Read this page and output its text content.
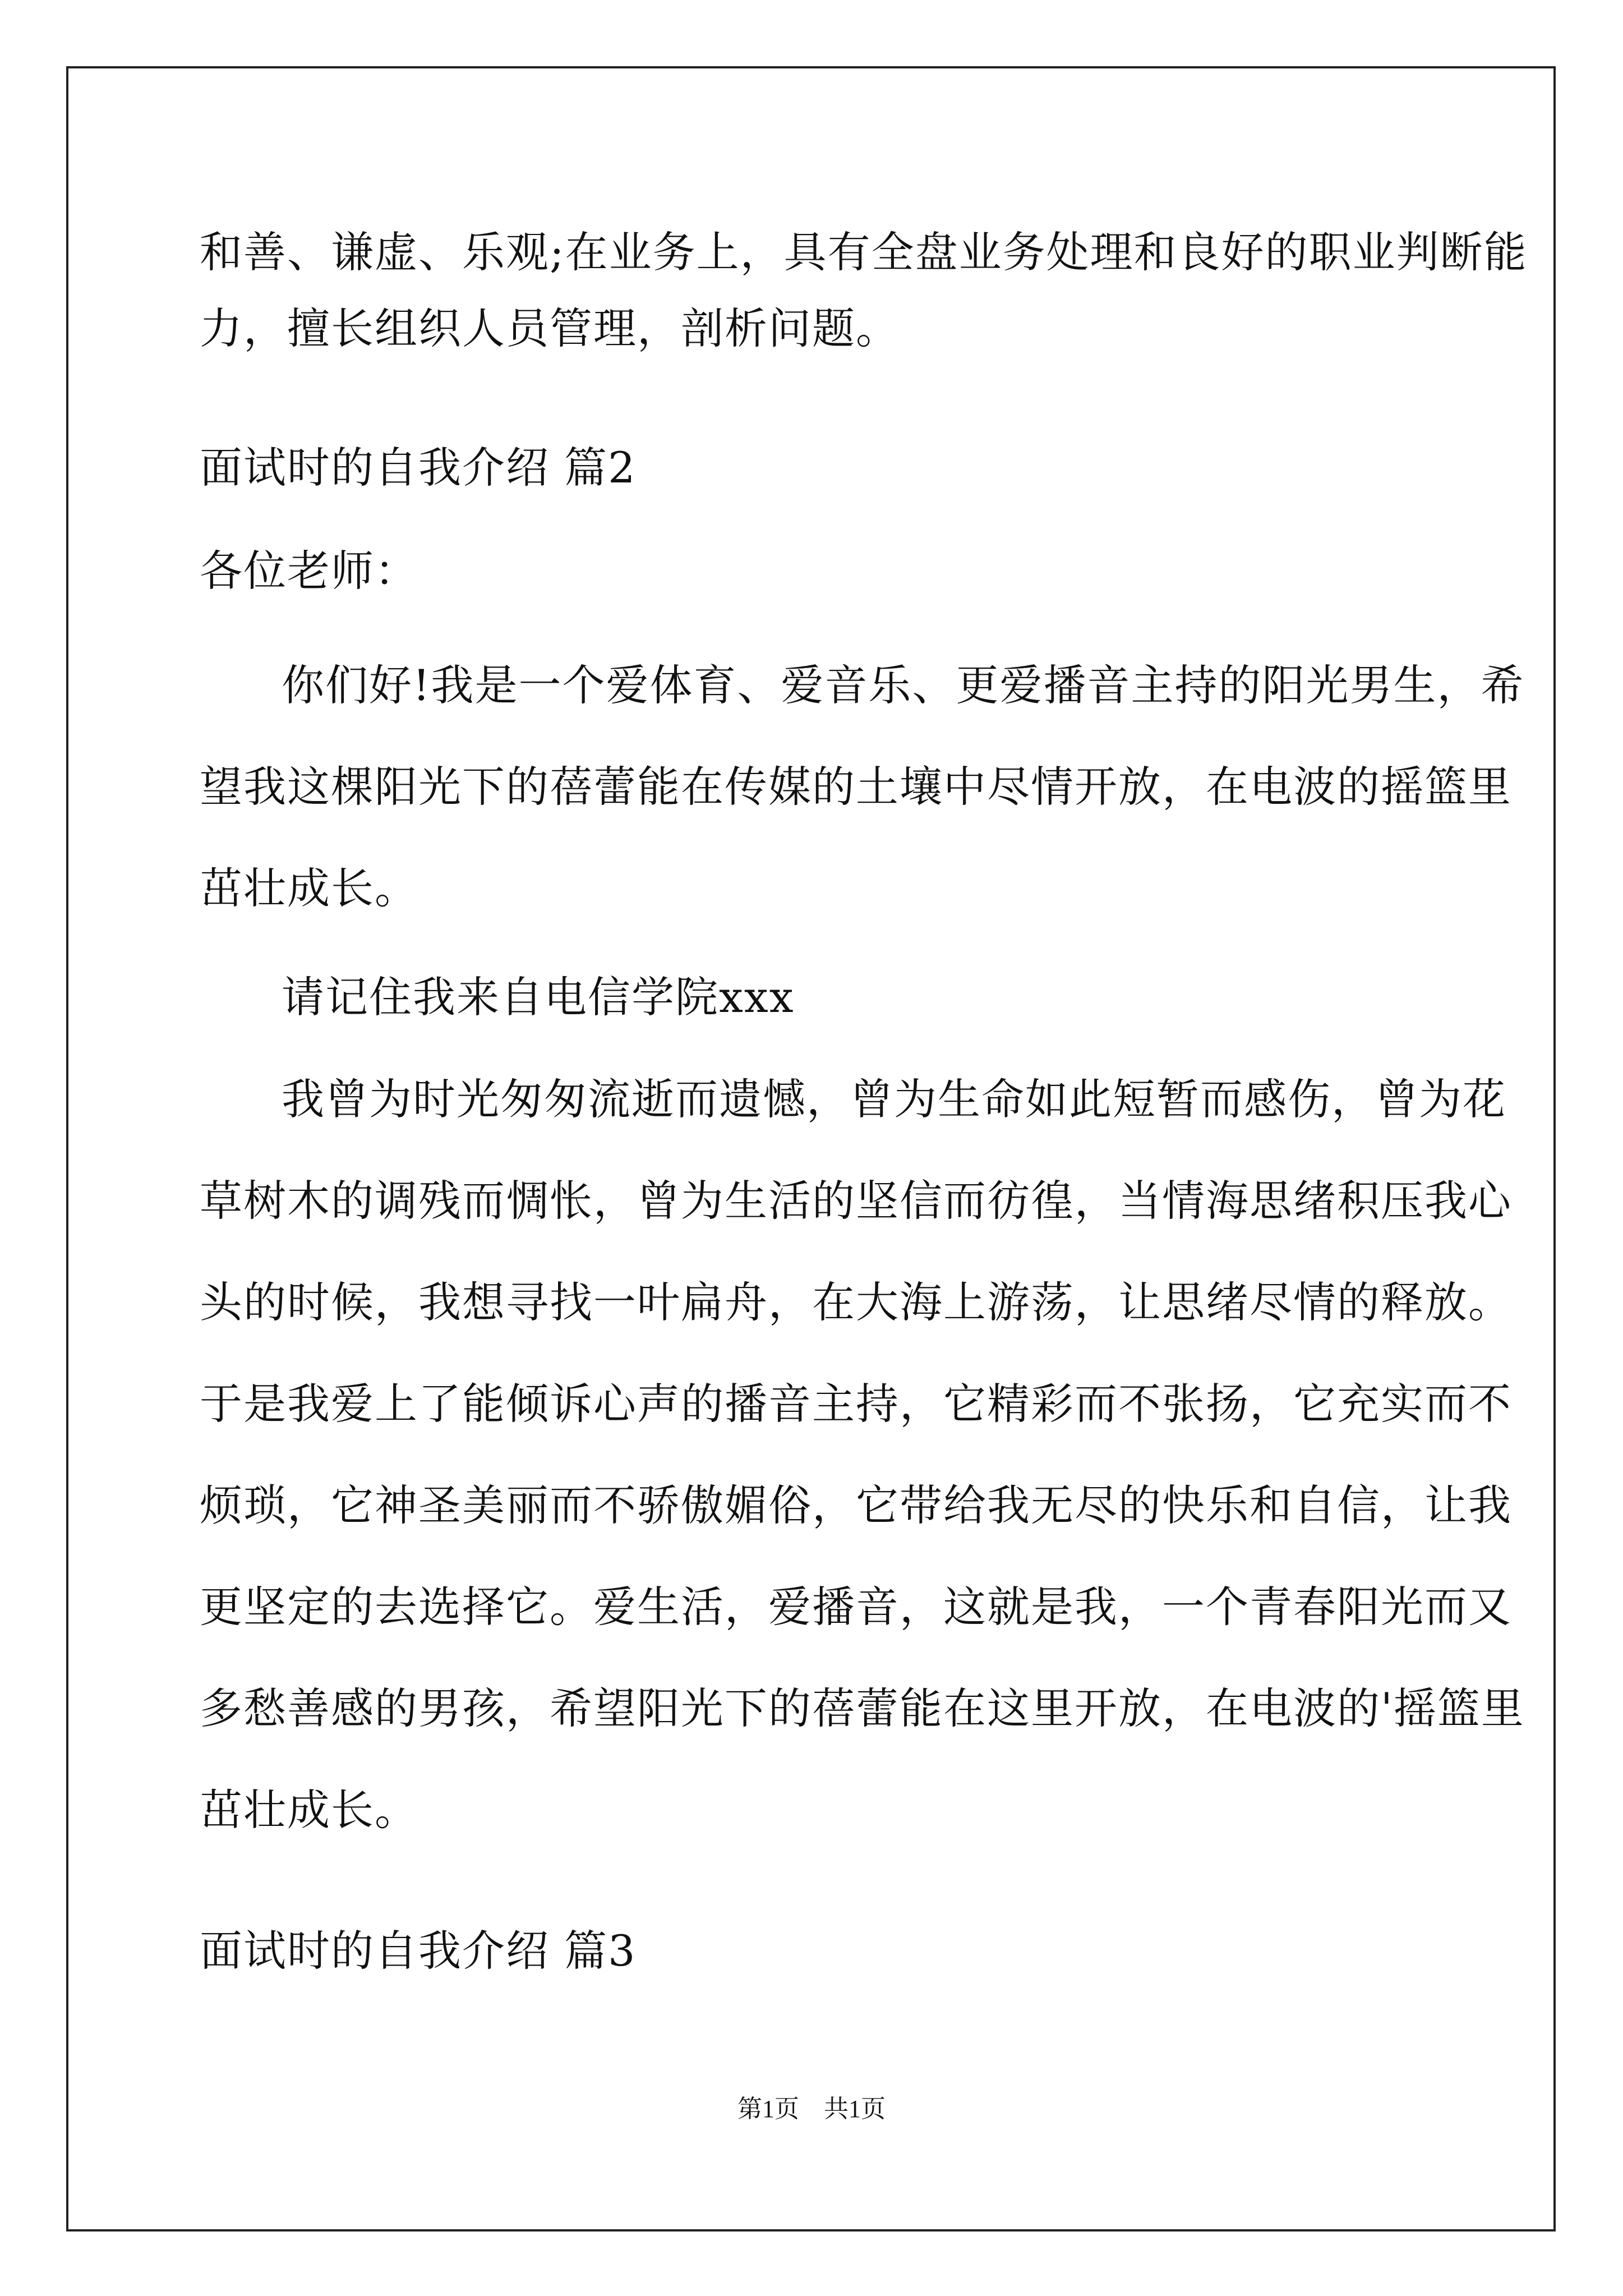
和善、谦虚、乐观;在业务上，具有全盘业务处理和良好的职业判断能
力，擅长组织人员管理，剖析问题。
面试时的自我介绍 篇2
各位老师：
你们好!我是一个爱体育、爱音乐、更爱播音主持的阳光男生，希
望我这棵阳光下的蓓蕾能在传媒的土壤中尽情开放，在电波的摇篮里
茁壮成长。
请记住我来自电信学院xxx
我曾为时光匆匆流逝而遗憾，曾为生命如此短暂而感伤，曾为花
草树木的调残而惆怅，曾为生活的坚信而彷徨，当情海思绪积压我心
头的时候，我想寻找一叶扁舟，在大海上游荡，让思绪尽情的释放。
于是我爱上了能倾诉心声的播音主持，它精彩而不张扬，它充实而不
烦琐，它神圣美丽而不骄傲媚俗，它带给我无尽的快乐和自信，让我
更坚定的去选择它。爱生活，爱播音，这就是我，一个青春阳光而又
多愁善感的男孩，希望阳光下的蓓蕾能在这里开放，在电波的'摇篮里
茁壮成长。
面试时的自我介绍 篇3
第1页　共1页
